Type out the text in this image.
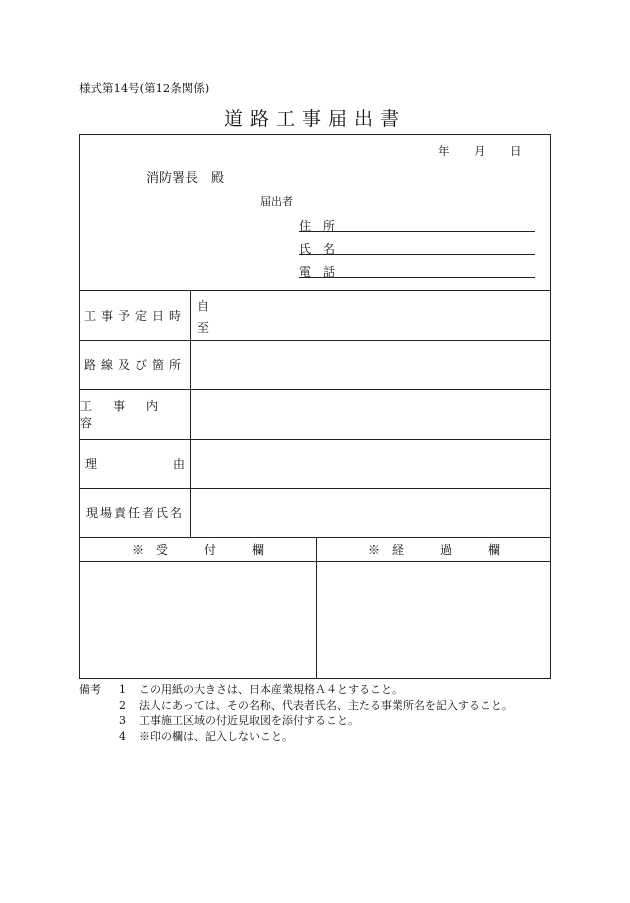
様式第14号(第12条関係)
道路工事届出書
年 月 日
消防署長　殿
届出者
住　所
氏　名
電　話
工事予定日時
自
至
路線及び箇所
工事内容
理由
現場責任者氏名
※　受　　　付　　　欄	※　経　　　過　　　欄
備考	1	この用紙の大きさは、日本産業規格Ａ４とすること。
2	法人にあっては、その名称、代表者氏名、主たる事業所名を記入すること。
3	工事施工区域の付近見取図を添付すること。
4	※印の欄は、記入しないこと。
